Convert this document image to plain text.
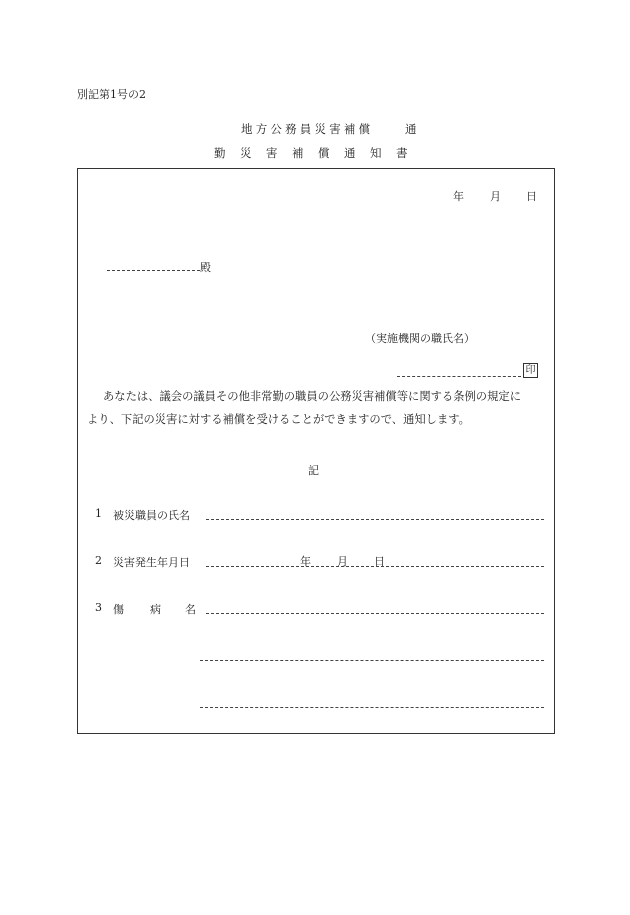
別記第1号の2
地方公務員災害補償	通
勤災害補償通知書
年 月 日
殿
（実施機関の職氏名）
印
あなたは、議会の議員その他非常勤の職員の公務災害補償等に関する条例の規定に
より、下記の災害に対する補償を受けることができますので、通知します。
記
1 被災職員の氏名
2 災害発生年月日	年 月 日
3 傷 病 名
